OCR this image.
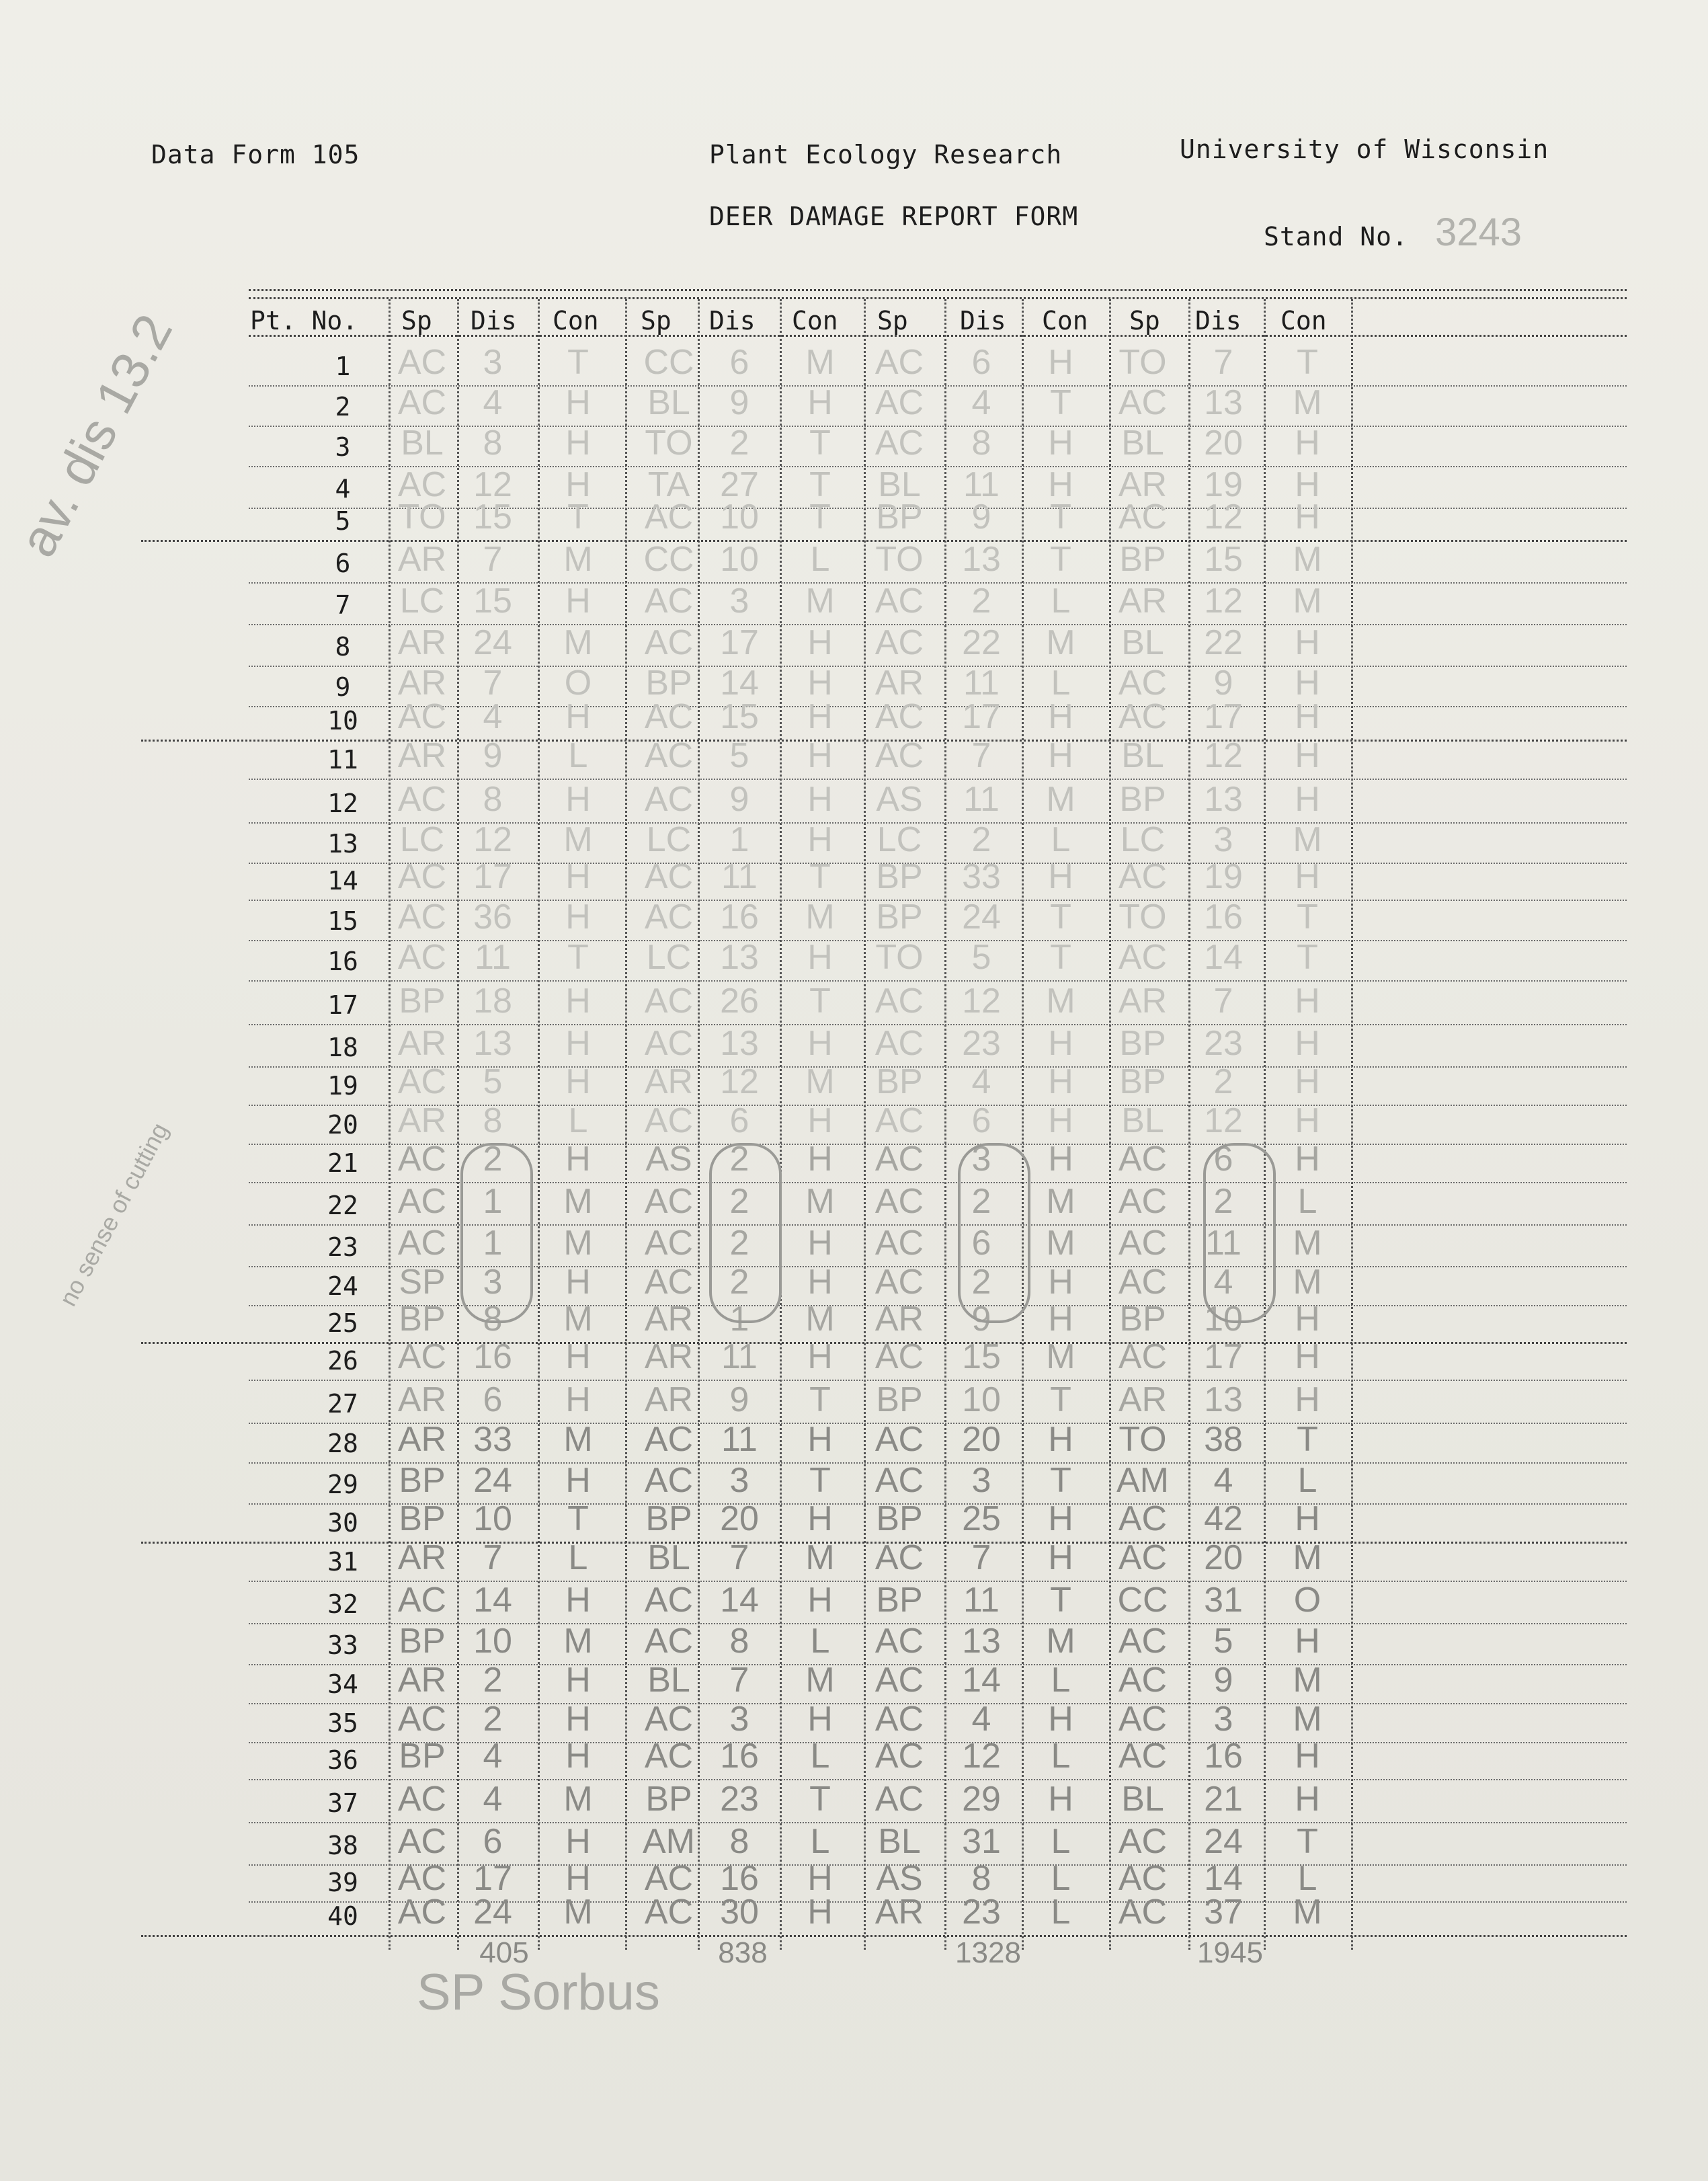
Data Form 105	Plant Ecology Research	University of Wisconsin
DEER DAMAGE REPORT FORM
Stand No. 3243
Pt. No. Sp Dis Con Sp Dis Con Sp Dis Con Sp Dis Con
1	AC	3	T	CC	6	M	AC	6	H	TO	7	T
2	AC	4	H	BL	9	H	AC	4	T	AC	13	M
3	BL	8	H	TO	2	T	AC	8	H	BL	20	H
4	AC 12	H	TA 27	T	BL	11	H	AR	19	H
5	TO 15	T	AC 10	T	BP	9	T	AC	12	H
6	AR	7	M	CC 10	L	TO	13	T	BP	15	M
7	LC 15	H	AC	3	M	AC	2	L	AR	12	M
8	AR 24	M	AC 17	H	AC	22	M	BL	22	H
9	AR	7	O	BP 14	H	AR	11	L	AC	9	H
10	AC	4	H	AC 15	H	AC	17	H	AC	17	H
11	AR	9	L	AC	5	H	AC	7	H	BL	12	H
12	AC	8	H	AC	9	H	AS	11	M	BP	13	H
13	LC 12	M	LC	1	H	LC	2	L	LC	3	M
14	AC 17	H	AC 11	T	BP	33	H	AC	19	H
15	AC 36	H	AC 16	M	BP	24	T	TO	16	T
16	AC 11	T	LC 13	H	TO	5	T	AC	14	T
17	BP 18	H	AC 26	T	AC	12	M	AR	7	H
18	AR 13	H	AC 13	H	AC	23	H	BP	23	H
19	AC	5	H	AR 12	M	BP	4	H	BP	2	H
20	AR	8	L	AC	6	H	AC	6	H	BL	12	H
21	AC	2	H	AS	2	H	AC	3	H	AC	6	H
22	AC	1	M	AC	2	M	AC	2	M	AC	2	L
23	AC	1	M	AC	2	H	AC	6	M	AC	11	M
24	SP	3	H	AC	2	H	AC	2	H	AC	4	M
25	BP	8	M	AR	1	M	AR	9	H	BP	10	H
26	AC 16	H	AR 11	H	AC	15	M	AC	17	H
27	AR	6	H	AR	9	T	BP	10	T	AR	13	H
28	AR 33	M	AC 11	H	AC	20	H	TO	38	T
29	BP 24	H	AC	3	T	AC	3	T	AM	4	L
30	BP 10	T	BP 20	H	BP	25	H	AC	42	H
31	AR	7	L	BL	7	M	AC	7	H	AC	20	M
32	AC 14	H	AC 14	H	BP	11	T	CC	31	O
33	BP 10	M	AC	8	L	AC	13	M	AC	5	H
34	AR	2	H	BL	7	M	AC	14	L	AC	9	M
35	AC	2	H	AC	3	H	AC	4	H	AC	3	M
36	BP	4	H	AC 16	L	AC	12	L	AC	16	H
37	AC	4	M	BP 23	T	AC	29	H	BL	21	H
38	AC	6	H	AM 8	L	BL	31	L	AC	24	T
39	AC 17	H	AC 16	H	AS	8	L	AC	14	L
40	AC 24	M	AC 30	H	AR	23	L	AC	37	M
405	838	1328	1945
av. dis 13.2
no sense of cutting
SP Sorbus
